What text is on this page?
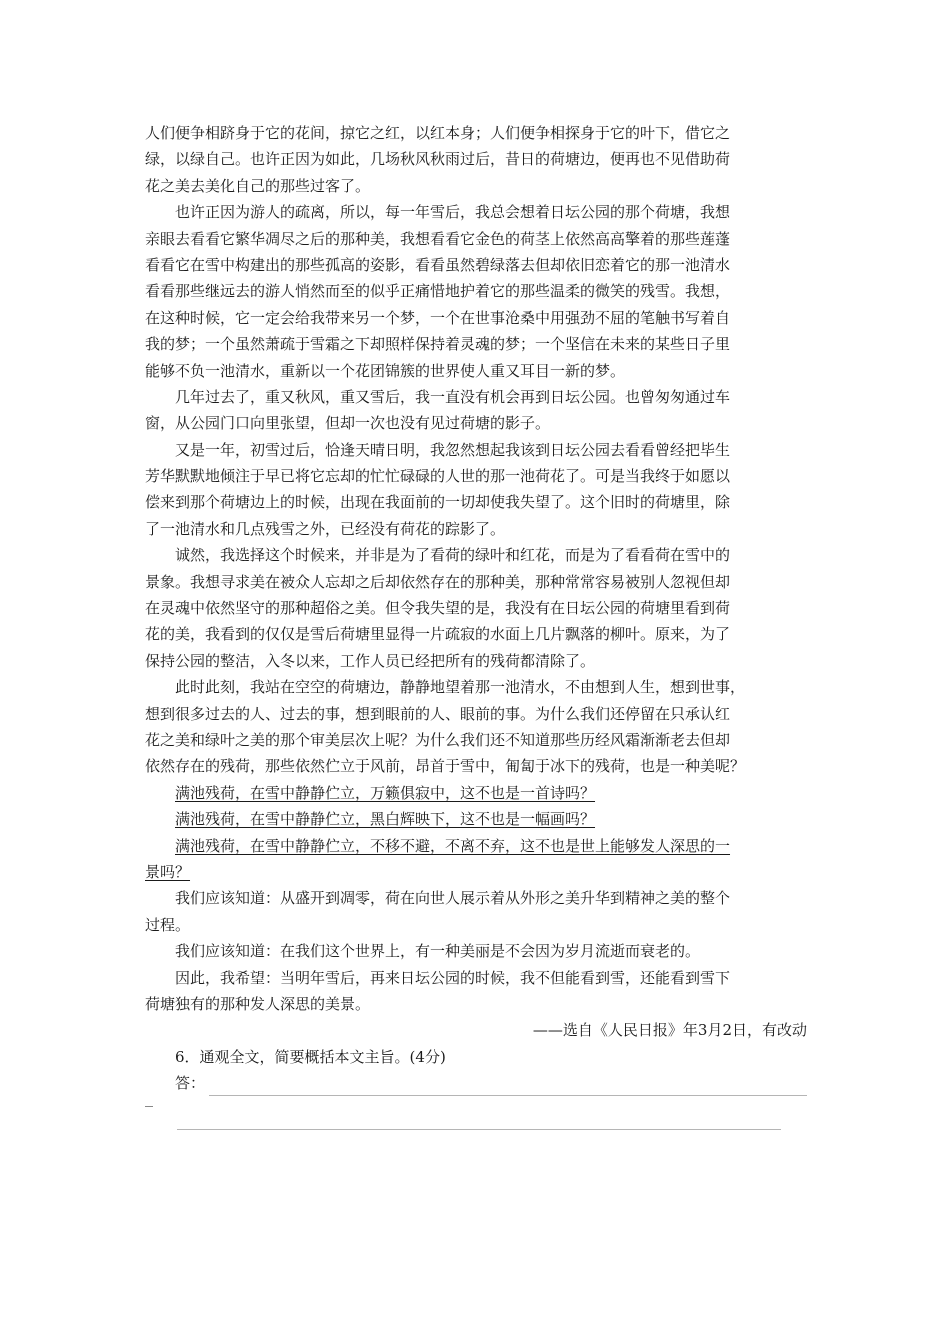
人们便争相跻身于它的花间，掠它之红，以红本身；人们便争相探身于它的叶下，借它之
绿，以绿自己。也许正因为如此，几场秋风秋雨过后，昔日的荷塘边，便再也不见借助荷
花之美去美化自己的那些过客了。
也许正因为游人的疏离，所以，每一年雪后，我总会想着日坛公园的那个荷塘，我想
亲眼去看看它繁华凋尽之后的那种美，我想看看它金色的荷茎上依然高高擎着的那些莲蓬
看看它在雪中构建出的那些孤高的姿影，看看虽然碧绿落去但却依旧恋着它的那一池清水
看看那些继远去的游人悄然而至的似乎正痛惜地护着它的那些温柔的微笑的残雪。我想，
在这种时候，它一定会给我带来另一个梦，一个在世事沧桑中用强劲不屈的笔触书写着自
我的梦；一个虽然萧疏于雪霜之下却照样保持着灵魂的梦；一个坚信在未来的某些日子里
能够不负一池清水，重新以一个花团锦簇的世界使人重又耳目一新的梦。
几年过去了，重又秋风，重又雪后，我一直没有机会再到日坛公园。也曾匆匆通过车
窗，从公园门口向里张望，但却一次也没有见过荷塘的影子。
又是一年，初雪过后，恰逢天晴日明，我忽然想起我该到日坛公园去看看曾经把毕生
芳华默默地倾注于早已将它忘却的忙忙碌碌的人世的那一池荷花了。可是当我终于如愿以
偿来到那个荷塘边上的时候，出现在我面前的一切却使我失望了。这个旧时的荷塘里，除
了一池清水和几点残雪之外，已经没有荷花的踪影了。
诚然，我选择这个时候来，并非是为了看荷的绿叶和红花，而是为了看看荷在雪中的
景象。我想寻求美在被众人忘却之后却依然存在的那种美，那种常常容易被别人忽视但却
在灵魂中依然坚守的那种超俗之美。但令我失望的是，我没有在日坛公园的荷塘里看到荷
花的美，我看到的仅仅是雪后荷塘里显得一片疏寂的水面上几片飘落的柳叶。原来，为了
保持公园的整洁，入冬以来，工作人员已经把所有的残荷都清除了。
此时此刻，我站在空空的荷塘边，静静地望着那一池清水，不由想到人生，想到世事，
想到很多过去的人、过去的事，想到眼前的人、眼前的事。为什么我们还停留在只承认红
花之美和绿叶之美的那个审美层次上呢？为什么我们还不知道那些历经风霜渐渐老去但却
依然存在的残荷，那些依然伫立于风前，昂首于雪中，匍匐于冰下的残荷，也是一种美呢？
满池残荷，在雪中静静伫立，万籁俱寂中，这不也是一首诗吗？
满池残荷，在雪中静静伫立，黑白辉映下，这不也是一幅画吗？
满池残荷，在雪中静静伫立，不移不避，不离不弃，这不也是世上能够发人深思的一
景吗？
我们应该知道：从盛开到凋零，荷在向世人展示着从外形之美升华到精神之美的整个
过程。
我们应该知道：在我们这个世界上，有一种美丽是不会因为岁月流逝而衰老的。
因此，我希望：当明年雪后，再来日坛公园的时候，我不但能看到雪，还能看到雪下
荷塘独有的那种发人深思的美景。
——选自《人民日报》年3月2日，有改动
6．通观全文，简要概括本文主旨。(4分)
答：
